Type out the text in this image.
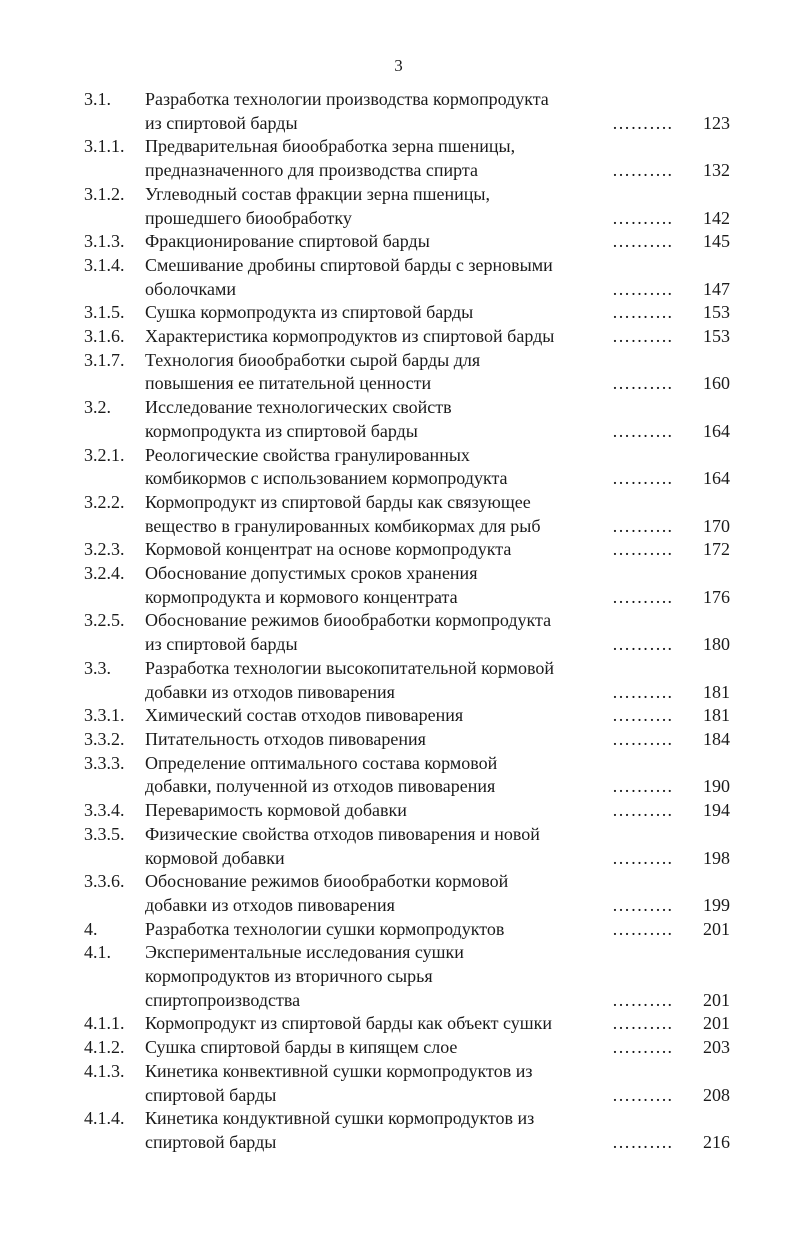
3
3.1. Разработка технологии производства кормопродукта
из спиртовой барды	………. 123
3.1.1. Предварительная биообработка зерна пшеницы,
предназначенного для производства спирта	………. 132
3.1.2. Углеводный состав фракции зерна пшеницы,
прошедшего биообработку	………. 142
3.1.3. Фракционирование спиртовой барды	………. 145
3.1.4. Смешивание дробины спиртовой барды с зерновыми
оболочками	………. 147
3.1.5. Сушка кормопродукта из спиртовой барды	………. 153
3.1.6. Характеристика кормопродуктов из спиртовой барды	………. 153
3.1.7. Технология биообработки сырой барды для
повышения ее питательной ценности	………. 160
3.2. Исследование технологических свойств
кормопродукта из спиртовой барды	………. 164
3.2.1. Реологические свойства гранулированных
комбикормов с использованием кормопродукта	………. 164
3.2.2. Кормопродукт из спиртовой барды как связующее
вещество в гранулированных комбикормах для рыб	………. 170
3.2.3. Кормовой концентрат на основе кормопродукта	………. 172
3.2.4. Обоснование допустимых сроков хранения
кормопродукта и кормового концентрата	………. 176
3.2.5. Обоснование режимов биообработки кормопродукта
из спиртовой барды	………. 180
3.3. Разработка технологии высокопитательной кормовой
добавки из отходов пивоварения	………. 181
3.3.1. Химический состав отходов пивоварения	………. 181
3.3.2. Питательность отходов пивоварения	………. 184
3.3.3. Определение оптимального состава кормовой
добавки, полученной из отходов пивоварения	………. 190
3.3.4. Переваримость кормовой добавки	………. 194
3.3.5. Физические свойства отходов пивоварения и новой
кормовой добавки	………. 198
3.3.6. Обоснование режимов биообработки кормовой
добавки из отходов пивоварения	………. 199
4.	Разработка технологии сушки кормопродуктов	………. 201
4.1. Экспериментальные исследования сушки
кормопродуктов из вторичного сырья
спиртопроизводства	………. 201
4.1.1. Кормопродукт из спиртовой барды как объект сушки	………. 201
4.1.2. Сушка спиртовой барды в кипящем слое	………. 203
4.1.3. Кинетика конвективной сушки кормопродуктов из
спиртовой барды	………. 208
4.1.4. Кинетика кондуктивной сушки кормопродуктов из
спиртовой барды	………. 216
